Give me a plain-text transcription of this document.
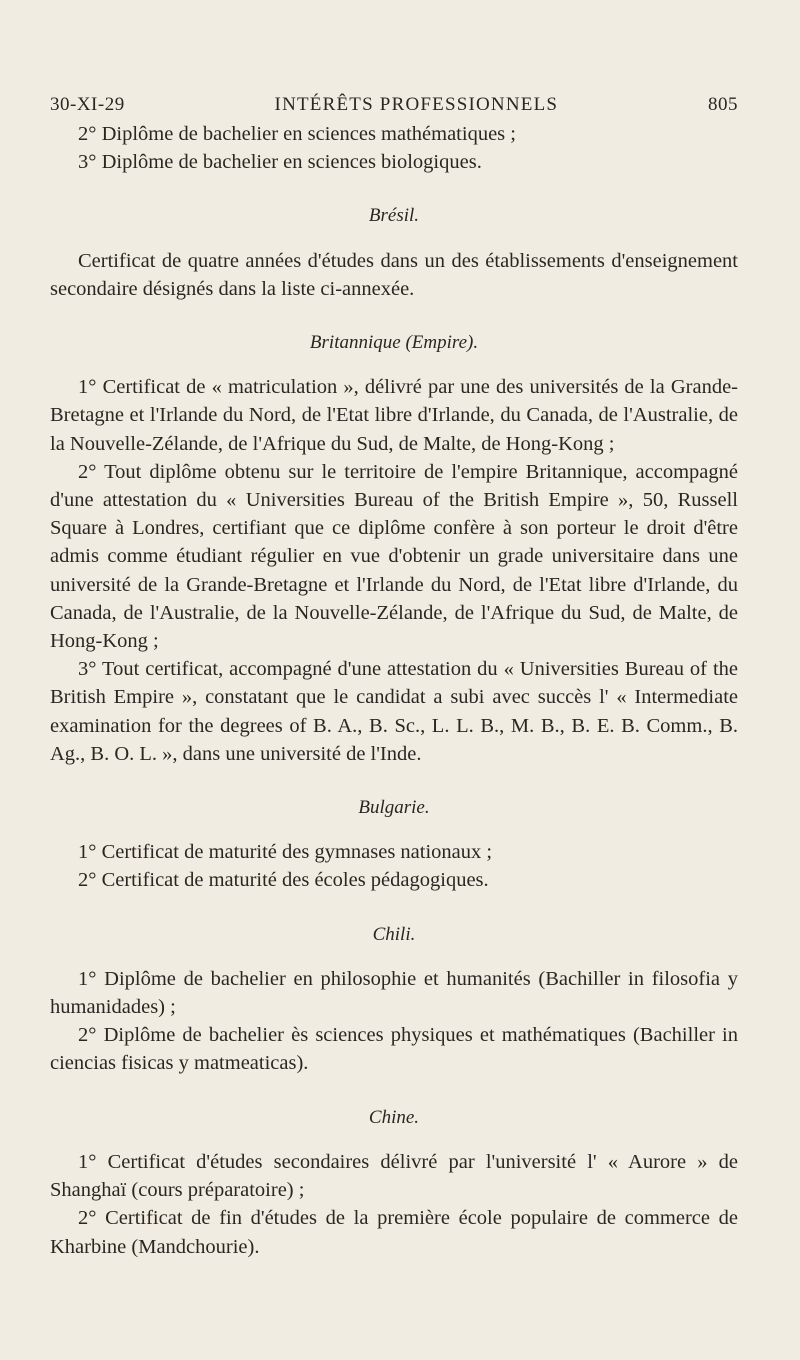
30-XI-29	INTÉRÊTS PROFESSIONNELS	805

2° Diplôme de bachelier en sciences mathématiques ;

3° Diplôme de bachelier en sciences biologiques.

Brésil.

Certificat de quatre années d'études dans un des établissements d'enseignement secondaire désignés dans la liste ci-annexée.

Britannique (Empire).

1° Certificat de « matriculation », délivré par une des universités de la Grande-Bretagne et l'Irlande du Nord, de l'Etat libre d'Irlande, du Canada, de l'Australie, de la Nouvelle-Zélande, de l'Afrique du Sud, de Malte, de Hong-Kong ;

2° Tout diplôme obtenu sur le territoire de l'empire Britannique, accompagné d'une attestation du « Universities Bureau of the British Empire », 50, Russell Square à Londres, certifiant que ce diplôme confère à son porteur le droit d'être admis comme étudiant régulier en vue d'obtenir un grade universitaire dans une université de la Grande-Bretagne et l'Irlande du Nord, de l'Etat libre d'Irlande, du Canada, de l'Australie, de la Nouvelle-Zélande, de l'Afrique du Sud, de Malte, de Hong-Kong ;

3° Tout certificat, accompagné d'une attestation du « Universities Bureau of the British Empire », constatant que le candidat a subi avec succès l' « Intermediate examination for the degrees of B. A., B. Sc., L. L. B., M. B., B. E. B. Comm., B. Ag., B. O. L. », dans une université de l'Inde.

Bulgarie.

1° Certificat de maturité des gymnases nationaux ;

2° Certificat de maturité des écoles pédagogiques.

Chili.

1° Diplôme de bachelier en philosophie et humanités (Bachiller in filosofia y humanidades) ;

2° Diplôme de bachelier ès sciences physiques et mathématiques (Bachiller in ciencias fisicas y matmeaticas).

Chine.

1° Certificat d'études secondaires délivré par l'université l' « Aurore » de Shanghaï (cours préparatoire) ;

2° Certificat de fin d'études de la première école populaire de commerce de Kharbine (Mandchourie).
